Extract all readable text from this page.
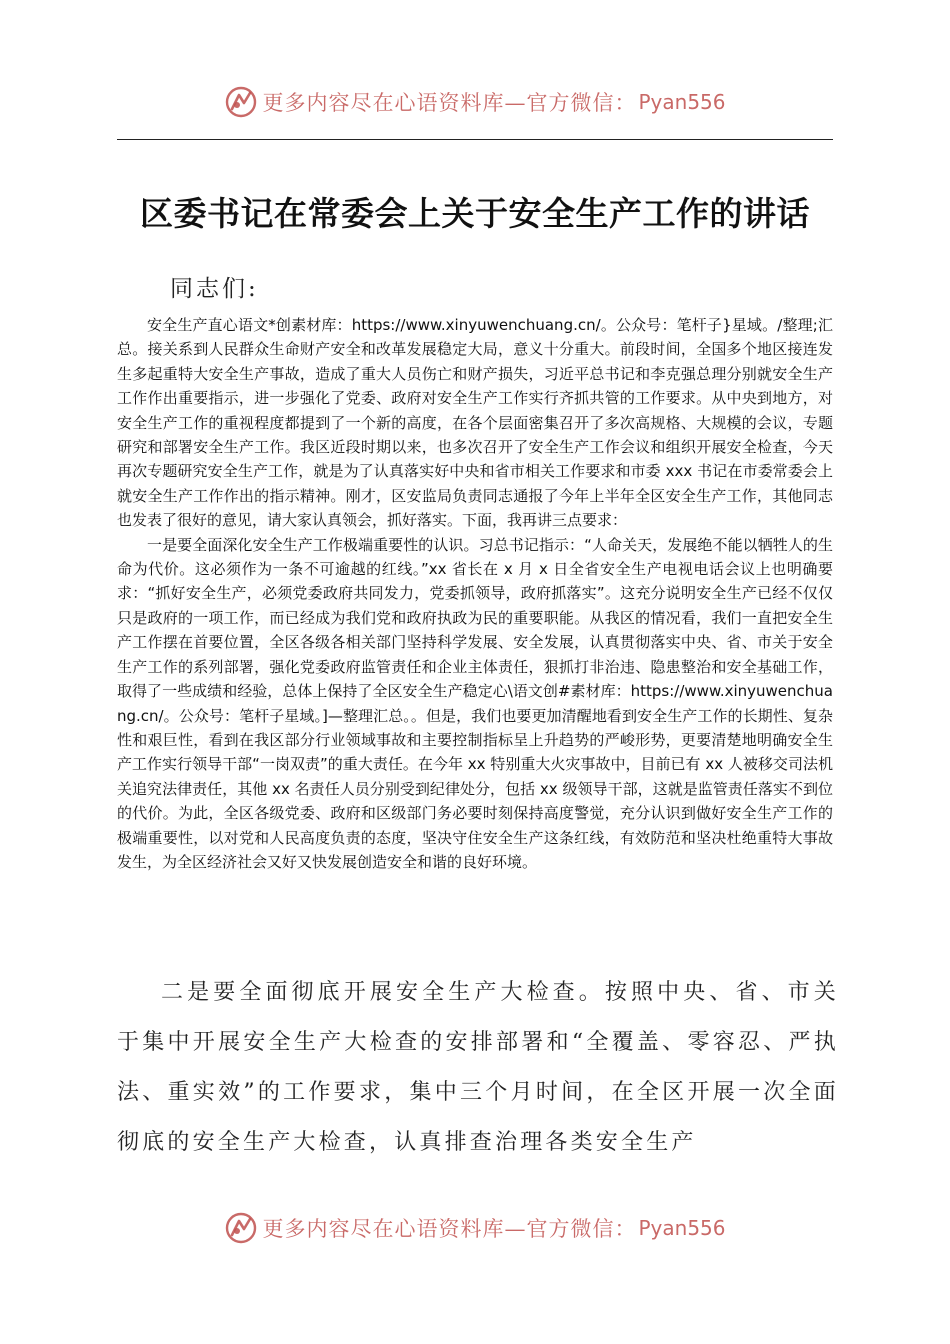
更多内容尽在心语资料库—官方微信： Pyan556
区委书记在常委会上关于安全生产工作的讲话
同志们:

安全生产直心语文*创素材库：https://www.xinyuwenchuang.cn/。公众号：笔杆子}星域。/整理;汇总。接关系到人民群众生命财产安全和改革发展稳定大局，意义十分重大。前段时间，全国多个地区接连发生多起重特大安全生产事故，造成了重大人员伤亡和财产损失，习近平总书记和李克强总理分别就安全生产工作作出重要指示，进一步强化了党委、政府对安全生产工作实行齐抓共管的工作要求。从中央到地方，对安全生产工作的重视程度都提到了一个新的高度，在各个层面密集召开了多次高规格、大规模的会议，专题研究和部署安全生产工作。我区近段时期以来，也多次召开了安全生产工作会议和组织开展安全检查，今天再次专题研究安全生产工作，就是为了认真落实好中央和省市相关工作要求和市委 xxx 书记在市委常委会上就安全生产工作作出的指示精神。刚才，区安监局负责同志通报了今年上半年全区安全生产工作，其他同志也发表了很好的意见，请大家认真领会，抓好落实。下面，我再讲三点要求：

一是要全面深化安全生产工作极端重要性的认识。习总书记指示：“人命关天，发展绝不能以牺牲人的生命为代价。这必须作为一条不可逾越的红线。”xx 省长在 x 月 x 日全省安全生产电视电话会议上也明确要求：“抓好安全生产，必须党委政府共同发力，党委抓领导，政府抓落实”。这充分说明安全生产已经不仅仅只是政府的一项工作，而已经成为我们党和政府执政为民的重要职能。从我区的情况看，我们一直把安全生产工作摆在首要位置，全区各级各相关部门坚持科学发展、安全发展，认真贯彻落实中央、省、市关于安全生产工作的系列部署，强化党委政府监管责任和企业主体责任，狠抓打非治违、隐患整治和安全基础工作，取得了一些成绩和经验，总体上保持了全区安全生产稳定心\语文创#素材库：https://www.xinyuwenchuang.cn/。公众号：笔杆子星域。]—整理汇总。。但是，我们也要更加清醒地看到安全生产工作的长期性、复杂性和艰巨性，看到在我区部分行业领域事故和主要控制指标呈上升趋势的严峻形势，更要清楚地明确安全生产工作实行领导干部“一岗双责”的重大责任。在今年 xx 特别重大火灾事故中，目前已有 xx 人被移交司法机关追究法律责任，其他 xx 名责任人员分别受到纪律处分，包括 xx 级领导干部，这就是监管责任落实不到位的代价。为此，全区各级党委、政府和区级部门务必要时刻保持高度警觉，充分认识到做好安全生产工作的极端重要性，以对党和人民高度负责的态度，坚决守住安全生产这条红线，有效防范和坚决杜绝重特大事故发生，为全区经济社会又好又快发展创造安全和谐的良好环境。

二是要全面彻底开展安全生产大检查。按照中央、省、市关于集中开展安全生产大检查的安排部署和“全覆盖、零容忍、严执法、重实效”的工作要求，集中三个月时间，在全区开展一次全面彻底的安全生产大检查，认真排查治理各类安全生产

更多内容尽在心语资料库—官方微信： Pyan556
